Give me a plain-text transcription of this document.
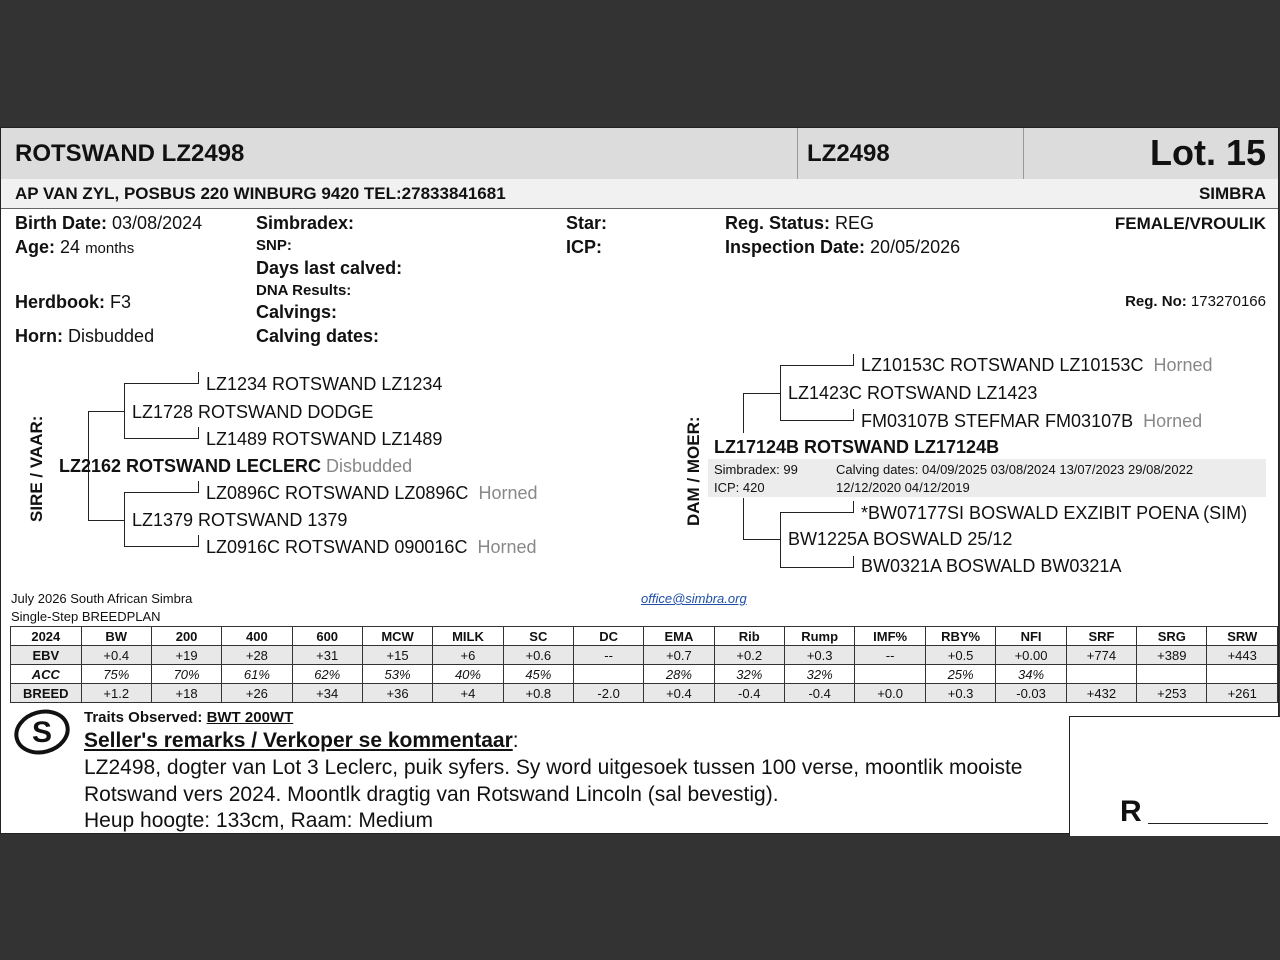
ROTSWAND LZ2498	LZ2498	Lot. 15
AP VAN ZYL, POSBUS 220 WINBURG 9420 TEL:27833841681	SIMBRA
Birth Date: 03/08/2024
Age: 24 months
Herdbook: F3
Horn: Disbudded
Simbradex:
SNP:
Days last calved:
DNA Results:
Calvings:
Calving dates:
Star:
ICP:
Reg. Status: REG
Inspection Date: 20/05/2026
FEMALE/VROULIK
Reg. No: 173270166
SIRE / VAAR:
LZ1234 ROTSWAND LZ1234
LZ1728 ROTSWAND DODGE
LZ1489 ROTSWAND LZ1489
LZ2162 ROTSWAND LECLERC Disbudded
LZ0896C ROTSWAND LZ0896C Horned
LZ1379 ROTSWAND 1379
LZ0916C ROTSWAND 090016C Horned
DAM / MOER:
LZ10153C ROTSWAND LZ10153C Horned
LZ1423C ROTSWAND LZ1423
FM03107B STEFMAR FM03107B Horned
LZ17124B ROTSWAND LZ17124B
Simbradex: 99
ICP: 420
Calving dates: 04/09/2025 03/08/2024 13/07/2023 29/08/2022
12/12/2020 04/12/2019
*BW07177SI BOSWALD EXZIBIT POENA (SIM)
BW1225A BOSWALD 25/12
BW0321A BOSWALD BW0321A
July 2026 South African Simbra
Single-Step BREEDPLAN
office@simbra.org
2024	BW	200	400	600	MCW	MILK	SC	DC	EMA	Rib	Rump	IMF%	RBY%	NFI	SRF	SRG	SRW
EBV	+0.4	+19	+28	+31	+15	+6	+0.6	--	+0.7	+0.2	+0.3	--	+0.5	+0.00	+774	+389	+443
ACC	75%	70%	61%	62%	53%	40%	45%		28%	32%	32%		25%	34%			
BREED	+1.2	+18	+26	+34	+36	+4	+0.8	-2.0	+0.4	-0.4	-0.4	+0.0	+0.3	-0.03	+432	+253	+261
S Traits Observed: BWT 200WT
Seller's remarks / Verkoper se kommentaar:
LZ2498, dogter van Lot 3 Leclerc, puik syfers. Sy word uitgesoek tussen 100 verse, moontlik mooiste
Rotswand vers 2024. Moontlk dragtig van Rotswand Lincoln (sal bevestig).
Heup hoogte: 133cm, Raam: Medium	R
